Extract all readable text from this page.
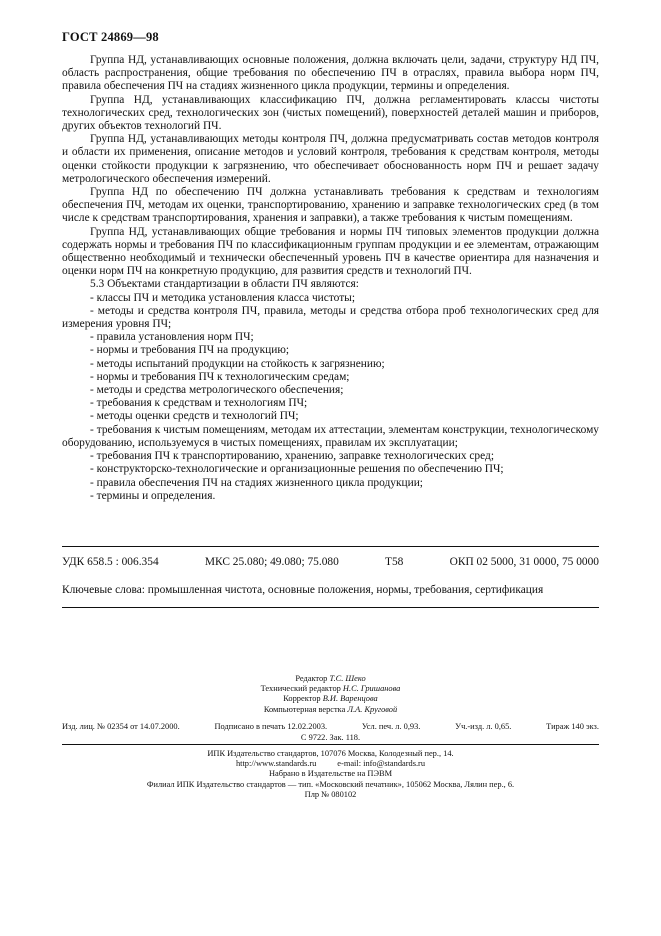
ГОСТ 24869—98

Группа НД, устанавливающих основные положения, должна включать цели, задачи, структуру НД ПЧ, область распространения, общие требования по обеспечению ПЧ в отраслях, правила выбора норм ПЧ, правила обеспечения ПЧ на стадиях жизненного цикла продукции, термины и определения.

Группа НД, устанавливающих классификацию ПЧ, должна регламентировать классы чистоты технологических сред, технологических зон (чистых помещений), поверхностей деталей машин и приборов, других объектов технологий ПЧ.

Группа НД, устанавливающих методы контроля ПЧ, должна предусматривать состав методов контроля и области их применения, описание методов и условий контроля, требования к средствам контроля, методы оценки стойкости продукции к загрязнению, что обеспечивает обоснованность норм ПЧ и решает задачу метрологического обеспечения измерений.

Группа НД по обеспечению ПЧ должна устанавливать требования к средствам и технологиям обеспечения ПЧ, методам их оценки, транспортированию, хранению и заправке технологических сред (в том числе к средствам транспортирования, хранения и заправки), а также требования к чистым помещениям.

Группа НД, устанавливающих общие требования и нормы ПЧ типовых элементов продукции должна содержать нормы и требования ПЧ по классификационным группам продукции и ее элементам, отражающим общественно необходимый и технически обеспеченный уровень ПЧ в качестве ориентира для назначения и оценки норм ПЧ на конкретную продукцию, для развития средств и технологий ПЧ.

5.3 Объектами стандартизации в области ПЧ являются:

- классы ПЧ и методика установления класса чистоты;

- методы и средства контроля ПЧ, правила, методы и средства отбора проб технологических сред для измерения уровня ПЧ;

- правила установления норм ПЧ;

- нормы и требования ПЧ на продукцию;

- методы испытаний продукции на стойкость к загрязнению;

- нормы и требования ПЧ к технологическим средам;

- методы и средства метрологического обеспечения;

- требования к средствам и технологиям ПЧ;

- методы оценки средств и технологий ПЧ;

- требования к чистым помещениям, методам их аттестации, элементам конструкции, технологическому оборудованию, используемуся в чистых помещениях, правилам их эксплуатации;

- требования ПЧ к транспортированию, хранению, заправке технологических сред;

- конструкторско-технологические и организационные решения по обеспечению ПЧ;

- правила обеспечения ПЧ на стадиях жизненного цикла продукции;

- термины и определения.

УДК 658.5 : 006.354	МКС 25.080; 49.080; 75.080	Т58	ОКП 02 5000, 31 0000, 75 0000
Ключевые слова: промышленная чистота, основные положения, нормы, требования, сертификация
Редактор Т.С. Шеко
Технический редактор Н.С. Гришанова
Корректор В.И. Варенцова
Компьютерная верстка Л.А. Круговой
Изд. лиц. № 02354 от 14.07.2000.	Подписано в печать 12.02.2003.	Усл. печ. л. 0,93.	Уч.-изд. л. 0,65.	Тираж 140 экз.
С 9722. Зак. 118.
ИПК Издательство стандартов, 107076 Москва, Колодезный пер., 14.
http://www.standards.ru          e-mail: info@standards.ru
Набрано в Издательстве на ПЭВМ
Филиал ИПК Издательство стандартов — тип. «Московский печатник», 105062 Москва, Лялин пер., 6.
Плр № 080102
